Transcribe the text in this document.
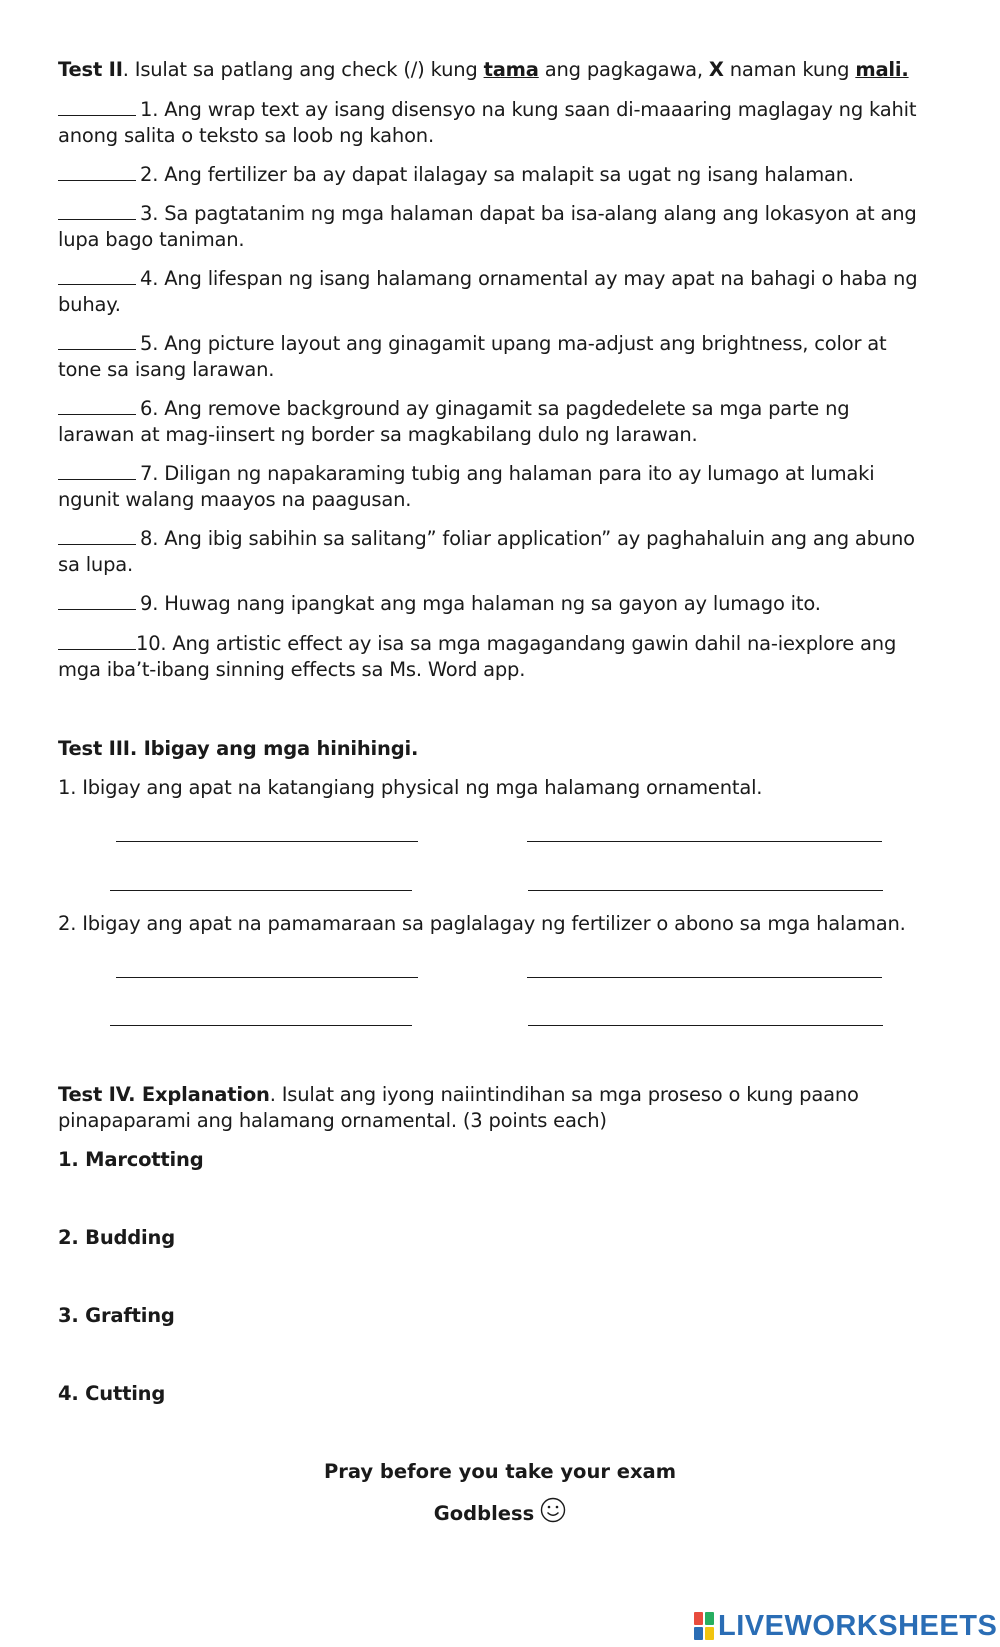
Test II. Isulat sa patlang ang check (/) kung tama ang pagkagawa, X naman kung mali.
1. Ang wrap text ay isang disensyo na kung saan di-maaaring maglagay ng kahit
anong salita o teksto sa loob ng kahon.
2. Ang fertilizer ba ay dapat ilalagay sa malapit sa ugat ng isang halaman.
3. Sa pagtatanim ng mga halaman dapat ba isa-alang alang ang lokasyon at ang
lupa bago taniman.
4. Ang lifespan ng isang halamang ornamental ay may apat na bahagi o haba ng
buhay.
5. Ang picture layout ang ginagamit upang ma-adjust ang brightness, color at
tone sa isang larawan.
6. Ang remove background ay ginagamit sa pagdedelete sa mga parte ng
larawan at mag-iinsert ng border sa magkabilang dulo ng larawan.
7. Diligan ng napakaraming tubig ang halaman para ito ay lumago at lumaki
ngunit walang maayos na paagusan.
8. Ang ibig sabihin sa salitang” foliar application” ay paghahaluin ang ang abuno
sa lupa.
9. Huwag nang ipangkat ang mga halaman ng sa gayon ay lumago ito.
10. Ang artistic effect ay isa sa mga magagandang gawin dahil na-iexplore ang
mga iba’t-ibang sinning effects sa Ms. Word app.
Test III. Ibigay ang mga hinihingi.
1. Ibigay ang apat na katangiang physical ng mga halamang ornamental.
2. Ibigay ang apat na pamamaraan sa paglalagay ng fertilizer o abono sa mga halaman.
Test IV. Explanation. Isulat ang iyong naiintindihan sa mga proseso o kung paano
pinapaparami ang halamang ornamental. (3 points each)
1. Marcotting
2. Budding
3. Grafting
4. Cutting
Pray before you take your exam
Godbless
LIVEWORKSHEETS
